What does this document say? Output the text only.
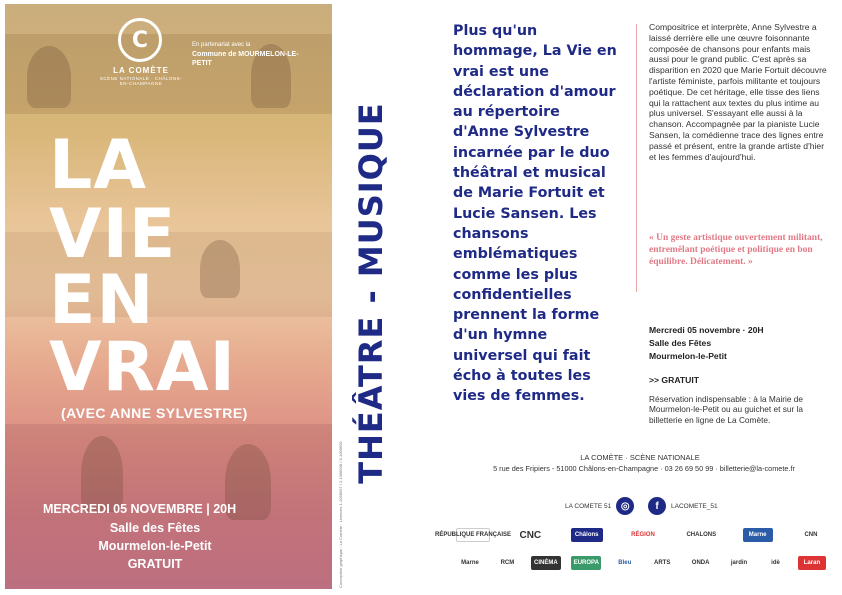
C
LA COMÈTE
SCÈNE NATIONALE · CHÂLONS-EN-CHAMPAGNE
En partenariat avec la
Commune de MOURMELON-LE-PETIT
LA
VIE
EN
VRAI
(AVEC ANNE SYLVESTRE)
MERCREDI 05 NOVEMBRE | 20H
Salle des Fêtes
Mourmelon-le-Petit
GRATUIT	Conception graphique : La Comète · Licences 1-1068607 / 2-1068608 / 3-1068609
THÉÂTRE - MUSIQUE
Plus qu'un hommage, La Vie en vrai est une déclaration d'amour au répertoire d'Anne Sylvestre incarnée par le duo théâtral et musical de Marie Fortuit et Lucie Sansen. Les chansons emblématiques comme les plus confidentielles prennent la forme d'un hymne universel qui fait écho à toutes les vies de femmes.
Compositrice et interprète, Anne Sylvestre a laissé derrière elle une œuvre foisonnante composée de chansons pour enfants mais aussi pour le grand public. C'est après sa disparition en 2020 que Marie Fortuit découvre l'artiste féministe, parfois militante et toujours poétique. De cet héritage, elle tisse des liens qui la rattachent aux textes du plus intime au plus universel. S'essayant elle aussi à la chanson. Accompagnée par la pianiste Lucie Sansen, la comédienne trace des lignes entre passé et présent, entre la grande artiste d'hier et les femmes d'aujourd'hui.
« Un geste artistique ouvertement militant, entremêlant poétique et politique en bon équilibre. Délicatement. »
Mercredi 05 novembre · 20H
Salle des Fêtes
Mourmelon-le-Petit
>> GRATUIT
Réservation indispensable : à la Mairie de Mourmelon-le-Petit ou au guichet et sur la billetterie en ligne de La Comète.
LA COMÈTE · SCÈNE NATIONALE
5 rue des Fripiers - 51000 Châlons-en-Champagne · 03 26 69 50 99 · billetterie@la-comete.fr
LA COMETE 51 ◎	f	LACOMETE_51
RÉPUBLIQUE FRANÇAISE CNC	Châlons	RÉGION	CHALONS	Marne	CNN
Marne	RCM	CINÉMA	EUROPA	Bleu	ARTS	ONDA	jardin	idè	Laran
